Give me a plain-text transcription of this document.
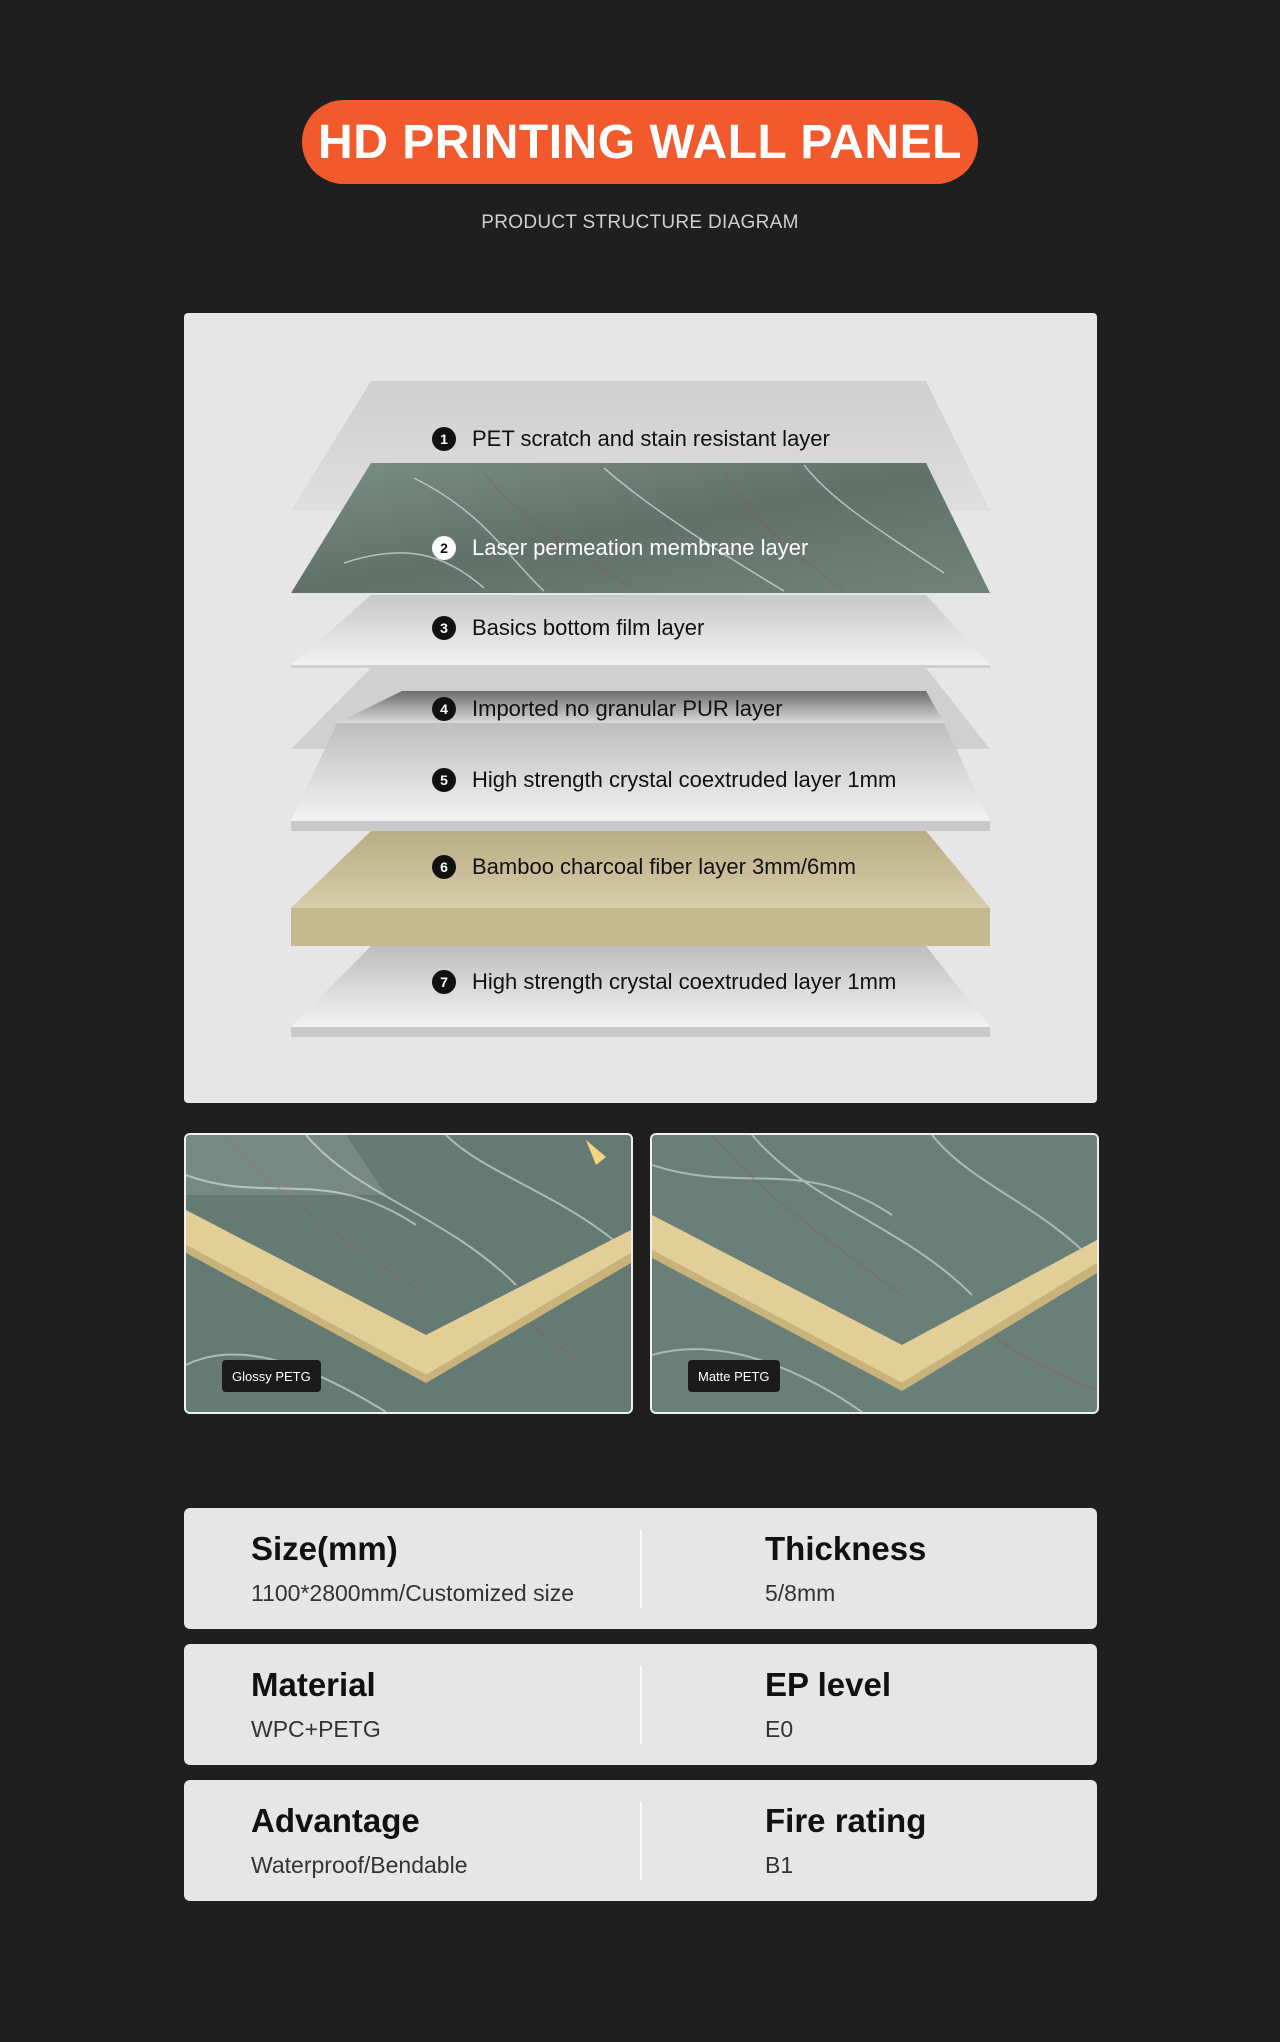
HD PRINTING WALL PANEL
PRODUCT STRUCTURE DIAGRAM
1	PET scratch and stain resistant layer
2	Laser permeation membrane layer
3	Basics bottom film layer
4	Imported no granular PUR layer
5	High strength crystal coextruded layer 1mm
6	Bamboo charcoal fiber layer 3mm/6mm
7	High strength crystal coextruded layer 1mm
Glossy PETG	Matte PETG
Size(mm)
1100*2800mm/Customized size
Thickness
5/8mm
Material
WPC+PETG
EP level
E0
Advantage
Waterproof/Bendable
Fire rating
B1
